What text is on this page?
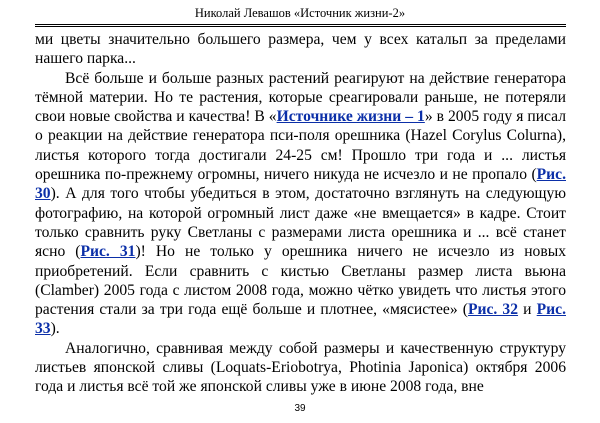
Николай Левашов «Источник жизни-2»

ми цветы значительно большего размера, чем у всех катальп за пределами нашего парка...

Всё больше и больше разных растений реагируют на действие генератора тёмной материи. Но те растения, которые среагировали раньше, не потеряли свои новые свойства и качества! В «Источнике жизни – 1» в 2005 году я писал о реакции на действие генератора пси-поля орешника (Hazel Corylus Colurna), листья которого тогда достигали 24-25 см! Прошло три года и ... листья орешника по-прежнему огромны, ничего никуда не исчезло и не пропало (Рис. 30). А для того чтобы убедиться в этом, достаточно взглянуть на следующую фотографию, на которой огромный лист даже «не вмещается» в кадре. Стоит только сравнить руку Светланы с размерами листа орешника и ... всё станет ясно (Рис. 31)! Но не только у орешника ничего не исчезло из новых приобретений. Если сравнить с кистью Светланы размер листа вьюна (Clamber) 2005 года с листом 2008 года, можно чётко увидеть что листья этого растения стали за три года ещё больше и плотнее, «мясистее» (Рис. 32 и Рис. 33).

Аналогично, сравнивая между собой размеры и качественную структуру листьев японской сливы (Loquats-Eriobotrya, Photinia Japonica) октября 2006 года и листья всё той же японской сливы уже в июне 2008 года, вне

39
